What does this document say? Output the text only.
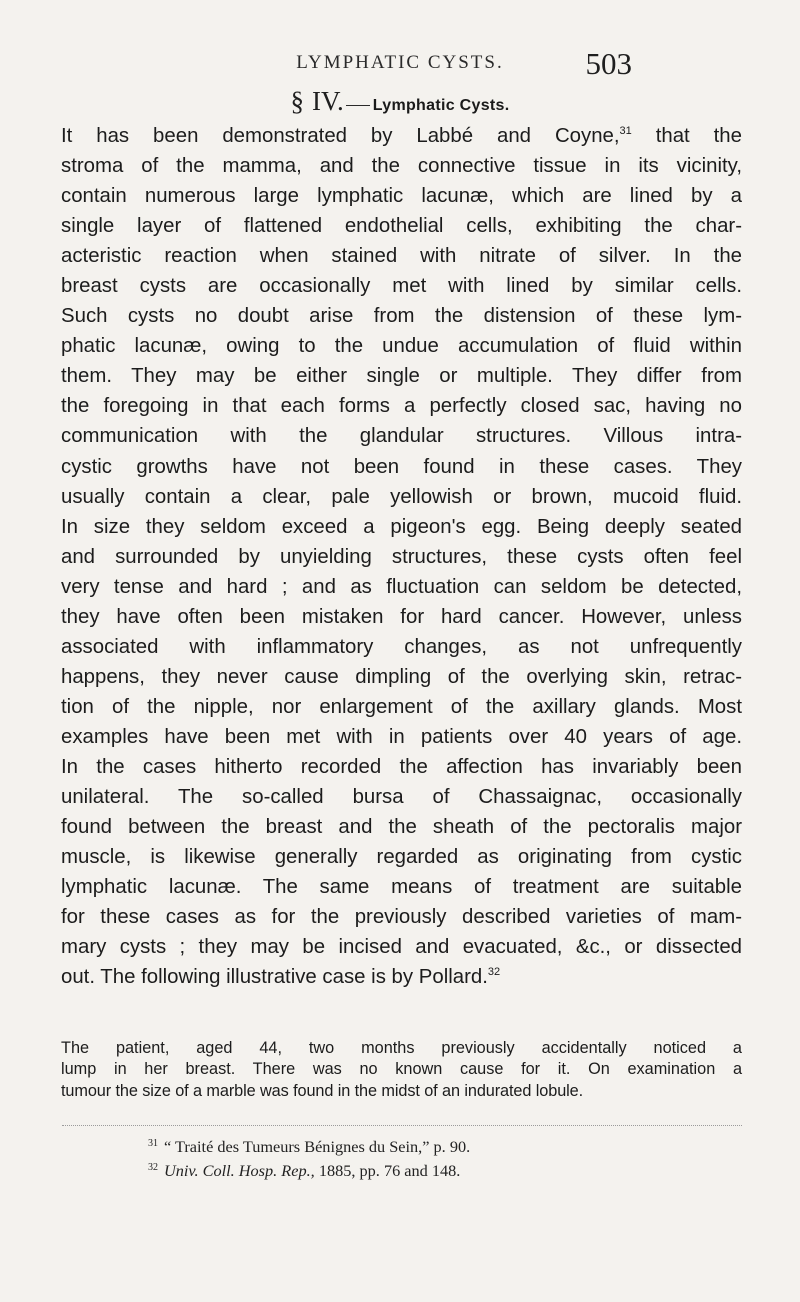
LYMPHATIC CYSTS.	503
§ IV. Lymphatic Cysts.
It has been demonstrated by Labbé and Coyne,$^{31}$ that the
stroma of the mamma, and the connective tissue in its vicinity,
contain numerous large lymphatic lacunæ, which are lined by a
single layer of flattened endothelial cells, exhibiting the char-
acteristic reaction when stained with nitrate of silver. In the
breast cysts are occasionally met with lined by similar cells.
Such cysts no doubt arise from the distension of these lym-
phatic lacunæ, owing to the undue accumulation of fluid within
them. They may be either single or multiple. They differ from
the foregoing in that each forms a perfectly closed sac, having no
communication with the glandular structures. Villous intra-
cystic growths have not been found in these cases. They
usually contain a clear, pale yellowish or brown, mucoid fluid.
In size they seldom exceed a pigeon's egg. Being deeply seated
and surrounded by unyielding structures, these cysts often feel
very tense and hard ; and as fluctuation can seldom be detected,
they have often been mistaken for hard cancer. However, unless
associated with inflammatory changes, as not unfrequently
happens, they never cause dimpling of the overlying skin, retrac-
tion of the nipple, nor enlargement of the axillary glands. Most
examples have been met with in patients over 40 years of age.
In the cases hitherto recorded the affection has invariably been
unilateral. The so-called bursa of Chassaignac, occasionally
found between the breast and the sheath of the pectoralis major
muscle, is likewise generally regarded as originating from cystic
lymphatic lacunæ. The same means of treatment are suitable
for these cases as for the previously described varieties of mam-
mary cysts ; they may be incised and evacuated, &c., or dissected
out. The following illustrative case is by Pollard.$^{32}$
The patient, aged 44, two months previously accidentally noticed a
lump in her breast. There was no known cause for it. On examination a
tumour the size of a marble was found in the midst of an indurated lobule.
$^{31}$ “ Traité des Tumeurs Bénignes du Sein,” p. 90.
$^{32}$ Univ. Coll. Hosp. Rep., 1885, pp. 76 and 148.
